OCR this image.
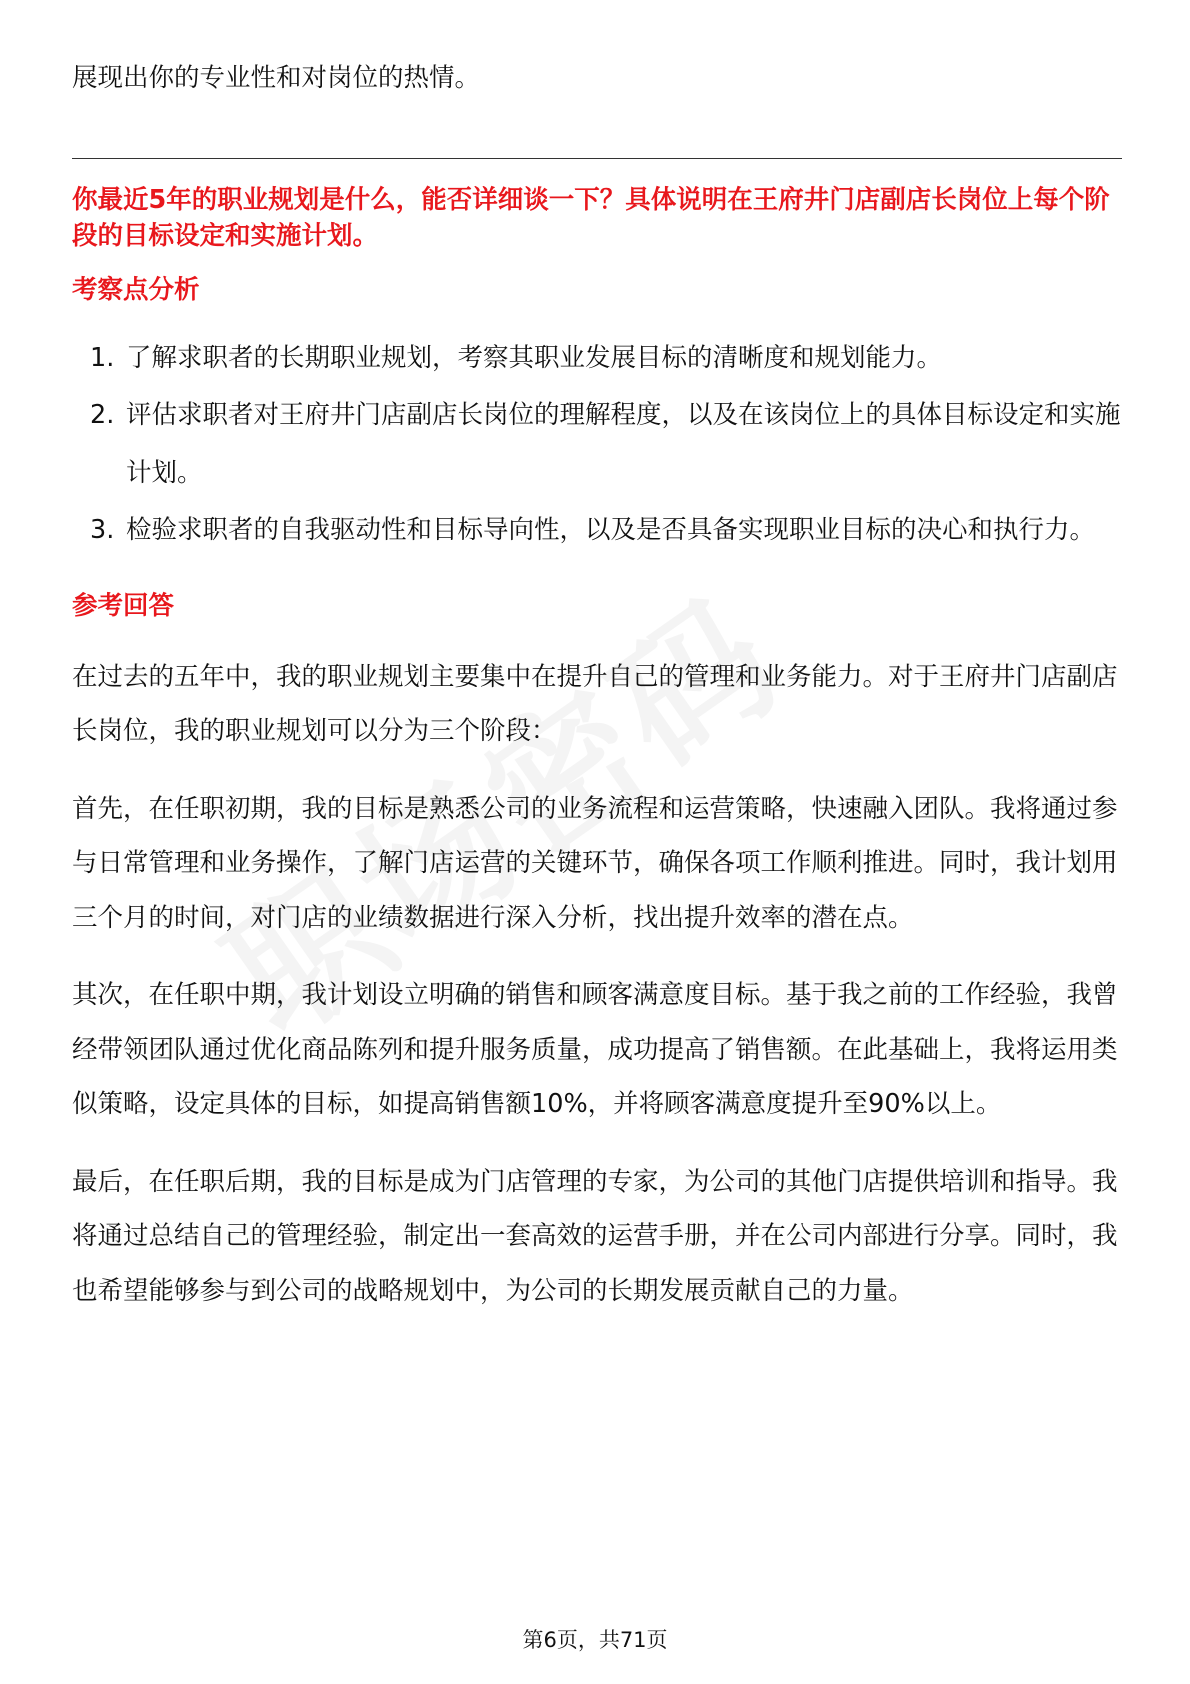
展现出你的专业性和对岗位的热情。

你最近5年的职业规划是什么，能否详细谈一下？具体说明在王府井门店副店长岗位上每个阶段的目标设定和实施计划。

考察点分析
1. 了解求职者的长期职业规划，考察其职业发展目标的清晰度和规划能力。
2. 评估求职者对王府井门店副店长岗位的理解程度，以及在该岗位上的具体目标设定和实施计划。
3. 检验求职者的自我驱动性和目标导向性，以及是否具备实现职业目标的决心和执行力。
参考回答

在过去的五年中，我的职业规划主要集中在提升自己的管理和业务能力。对于王府井门店副店长岗位，我的职业规划可以分为三个阶段：

首先，在任职初期，我的目标是熟悉公司的业务流程和运营策略，快速融入团队。我将通过参与日常管理和业务操作，了解门店运营的关键环节，确保各项工作顺利推进。同时，我计划用三个月的时间，对门店的业绩数据进行深入分析，找出提升效率的潜在点。

其次，在任职中期，我计划设立明确的销售和顾客满意度目标。基于我之前的工作经验，我曾经带领团队通过优化商品陈列和提升服务质量，成功提高了销售额。在此基础上，我将运用类似策略，设定具体的目标，如提高销售额10%，并将顾客满意度提升至90%以上。

最后，在任职后期，我的目标是成为门店管理的专家，为公司的其他门店提供培训和指导。我将通过总结自己的管理经验，制定出一套高效的运营手册，并在公司内部进行分享。同时，我也希望能够参与到公司的战略规划中，为公司的长期发展贡献自己的力量。

第6页，共71页
